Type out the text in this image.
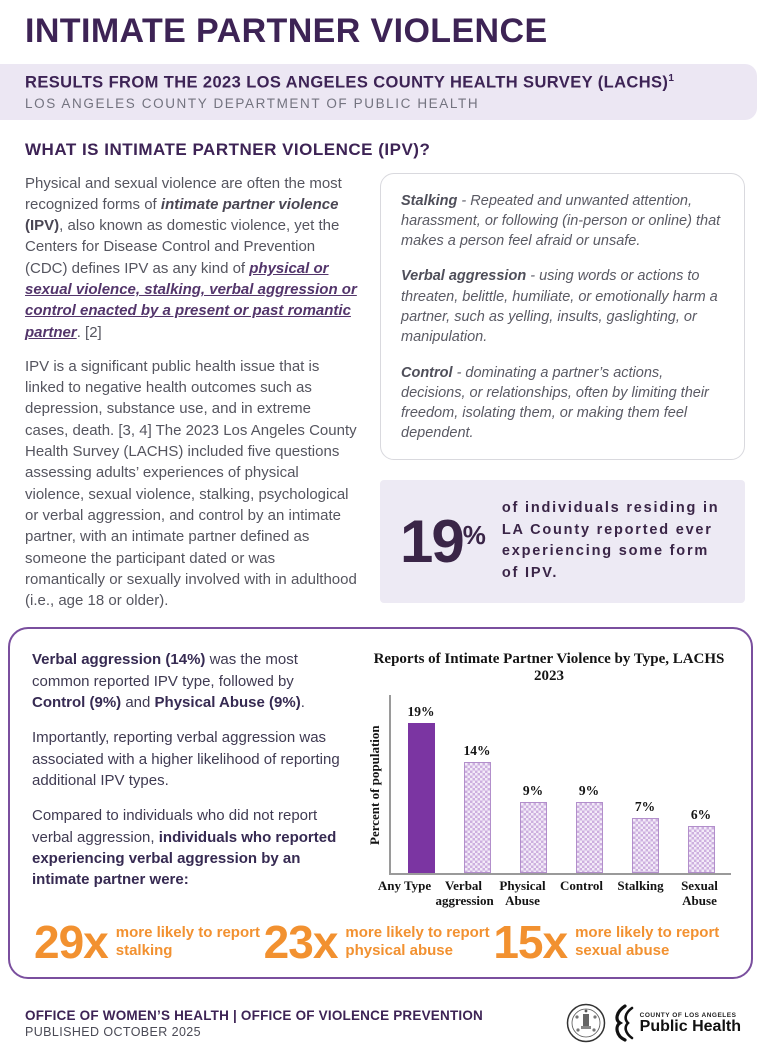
INTIMATE PARTNER VIOLENCE
RESULTS FROM THE 2023 LOS ANGELES COUNTY HEALTH SURVEY (LACHS)$^1$
LOS ANGELES COUNTY DEPARTMENT OF PUBLIC HEALTH
WHAT IS INTIMATE PARTNER VIOLENCE (IPV)?

Physical and sexual violence are often the most recognized forms of intimate partner violence (IPV), also known as domestic violence, yet the Centers for Disease Control and Prevention (CDC) defines IPV as any kind of physical or sexual violence, stalking, verbal aggression or control enacted by a present or past romantic partner. [2]

IPV is a significant public health issue that is linked to negative health outcomes such as depression, substance use, and in extreme cases, death. [3, 4] The 2023 Los Angeles County Health Survey (LACHS) included five questions assessing adults’ experiences of physical violence, sexual violence, stalking, psychological or verbal aggression, and control by an intimate partner, with an intimate partner defined as someone the participant dated or was romantically or sexually involved with in adulthood (i.e., age 18 or older).

Stalking - Repeated and unwanted attention, harassment, or following (in-person or online) that makes a person feel afraid or unsafe.

Verbal aggression - using words or actions to threaten, belittle, humiliate, or emotionally harm a partner, such as yelling, insults, gaslighting, or manipulation.

Control - dominating a partner’s actions, decisions, or relationships, often by limiting their freedom, isolating them, or making them feel dependent.

19%
of individuals residing in LA County reported ever experiencing some form of IPV.

Verbal aggression (14%) was the most common reported IPV type, followed by Control (9%) and Physical Abuse (9%).

Importantly, reporting verbal aggression was associated with a higher likelihood of reporting additional IPV types.

Compared to individuals who did not report verbal aggression, individuals who reported experiencing verbal aggression by an intimate partner were:

Reports of Intimate Partner Violence by Type, LACHS 2023
Percent of population
19%
14%
9%	9%
7%
6%
Any Type	Verbal aggression
Physical Abuse
Control	Stalking	Sexual Abuse
29x more likely to report stalking	23x more likely to report physical abuse 15x more likely to report sexual abuse
OFFICE OF WOMEN’S HEALTH | OFFICE OF VIOLENCE PREVENTION
PUBLISHED OCTOBER 2025
COUNTY OF LOS ANGELES
Public Health
